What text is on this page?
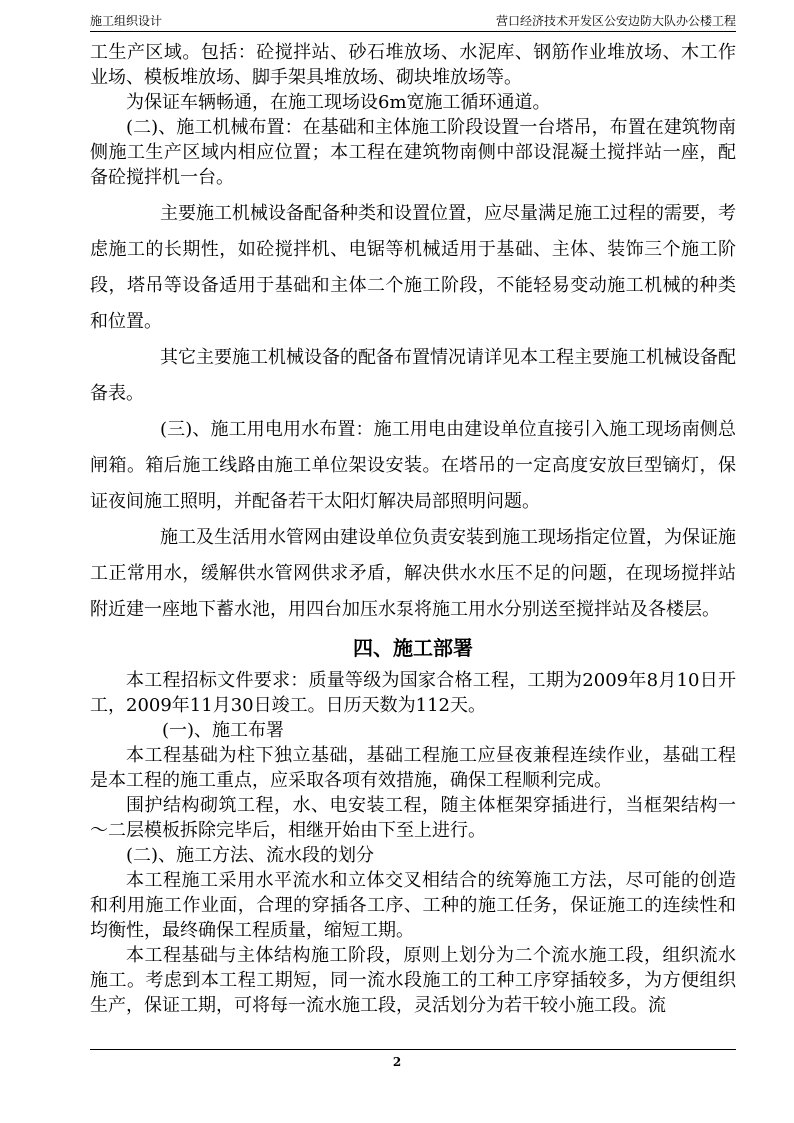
施工组织设计	营口经济技术开发区公安边防大队办公楼工程

工生产区域。包括：砼搅拌站、砂石堆放场、水泥库、钢筋作业堆放场、木工作业场、模板堆放场、脚手架具堆放场、砌块堆放场等。

为保证车辆畅通，在施工现场设6m宽施工循环通道。

(二)、施工机械布置：在基础和主体施工阶段设置一台塔吊，布置在建筑物南侧施工生产区域内相应位置；本工程在建筑物南侧中部设混凝土搅拌站一座，配备砼搅拌机一台。

主要施工机械设备配备种类和设置位置，应尽量满足施工过程的需要，考虑施工的长期性，如砼搅拌机、电锯等机械适用于基础、主体、装饰三个施工阶段，塔吊等设备适用于基础和主体二个施工阶段，不能轻易变动施工机械的种类和位置。

其它主要施工机械设备的配备布置情况请详见本工程主要施工机械设备配备表。

(三)、施工用电用水布置：施工用电由建设单位直接引入施工现场南侧总闸箱。箱后施工线路由施工单位架设安装。在塔吊的一定高度安放巨型镝灯，保证夜间施工照明，并配备若干太阳灯解决局部照明问题。

施工及生活用水管网由建设单位负责安装到施工现场指定位置，为保证施工正常用水，缓解供水管网供求矛盾，解决供水水压不足的问题，在现场搅拌站附近建一座地下蓄水池，用四台加压水泵将施工用水分别送至搅拌站及各楼层。

四、施工部署

本工程招标文件要求：质量等级为国家合格工程，工期为2009年8月10日开工，2009年11月30日竣工。日历天数为112天。

(一)、施工布署

本工程基础为柱下独立基础，基础工程施工应昼夜兼程连续作业，基础工程是本工程的施工重点，应采取各项有效措施，确保工程顺利完成。

围护结构砌筑工程，水、电安装工程，随主体框架穿插进行，当框架结构一～二层模板拆除完毕后，相继开始由下至上进行。

(二)、施工方法、流水段的划分

本工程施工采用水平流水和立体交叉相结合的统筹施工方法，尽可能的创造和利用施工作业面，合理的穿插各工序、工种的施工任务，保证施工的连续性和均衡性，最终确保工程质量，缩短工期。

本工程基础与主体结构施工阶段，原则上划分为二个流水施工段，组织流水施工。考虑到本工程工期短，同一流水段施工的工种工序穿插较多，为方便组织生产，保证工期，可将每一流水施工段，灵活划分为若干较小施工段。流

2
